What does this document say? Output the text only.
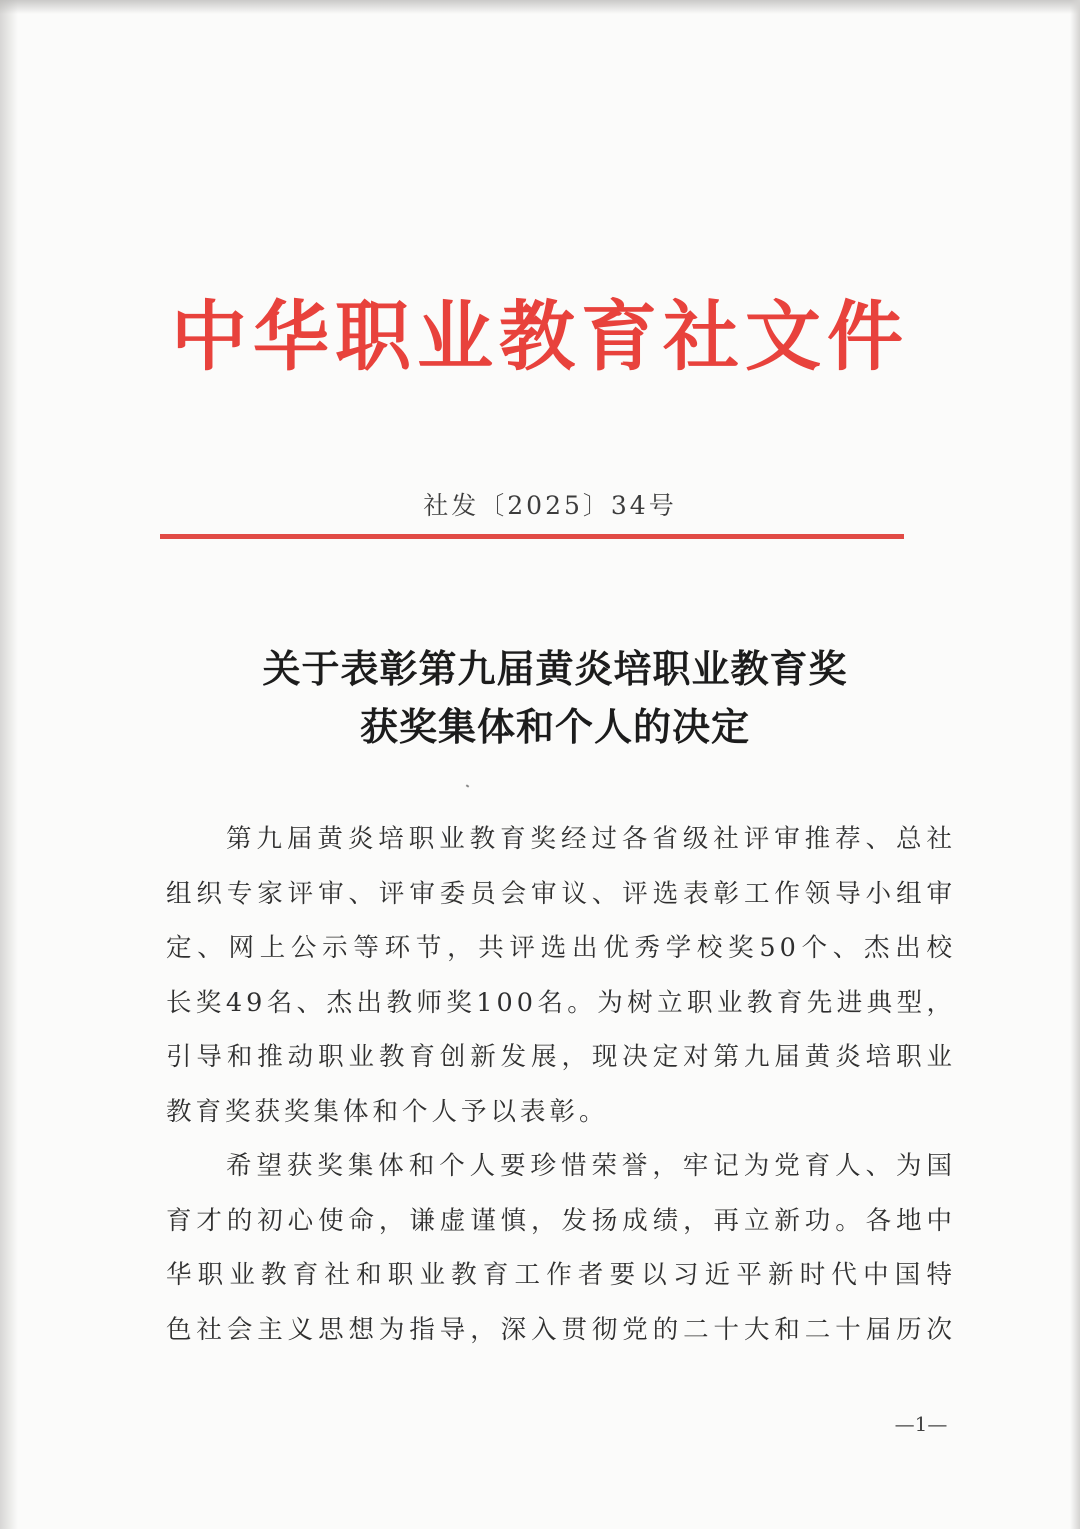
中华职业教育社文件
社发〔2025〕34号
关于表彰第九届黄炎培职业教育奖
获奖集体和个人的决定
第九届黄炎培职业教育奖经过各省级社评审推荐、总社
组织专家评审、评审委员会审议、评选表彰工作领导小组审
定、网上公示等环节，共评选出优秀学校奖50个、杰出校
长奖49名、杰出教师奖100名。为树立职业教育先进典型，
引导和推动职业教育创新发展，现决定对第九届黄炎培职业
教育奖获奖集体和个人予以表彰。
希望获奖集体和个人要珍惜荣誉，牢记为党育人、为国
育才的初心使命，谦虚谨慎，发扬成绩，再立新功。各地中
华职业教育社和职业教育工作者要以习近平新时代中国特
色社会主义思想为指导，深入贯彻党的二十大和二十届历次
—1—
